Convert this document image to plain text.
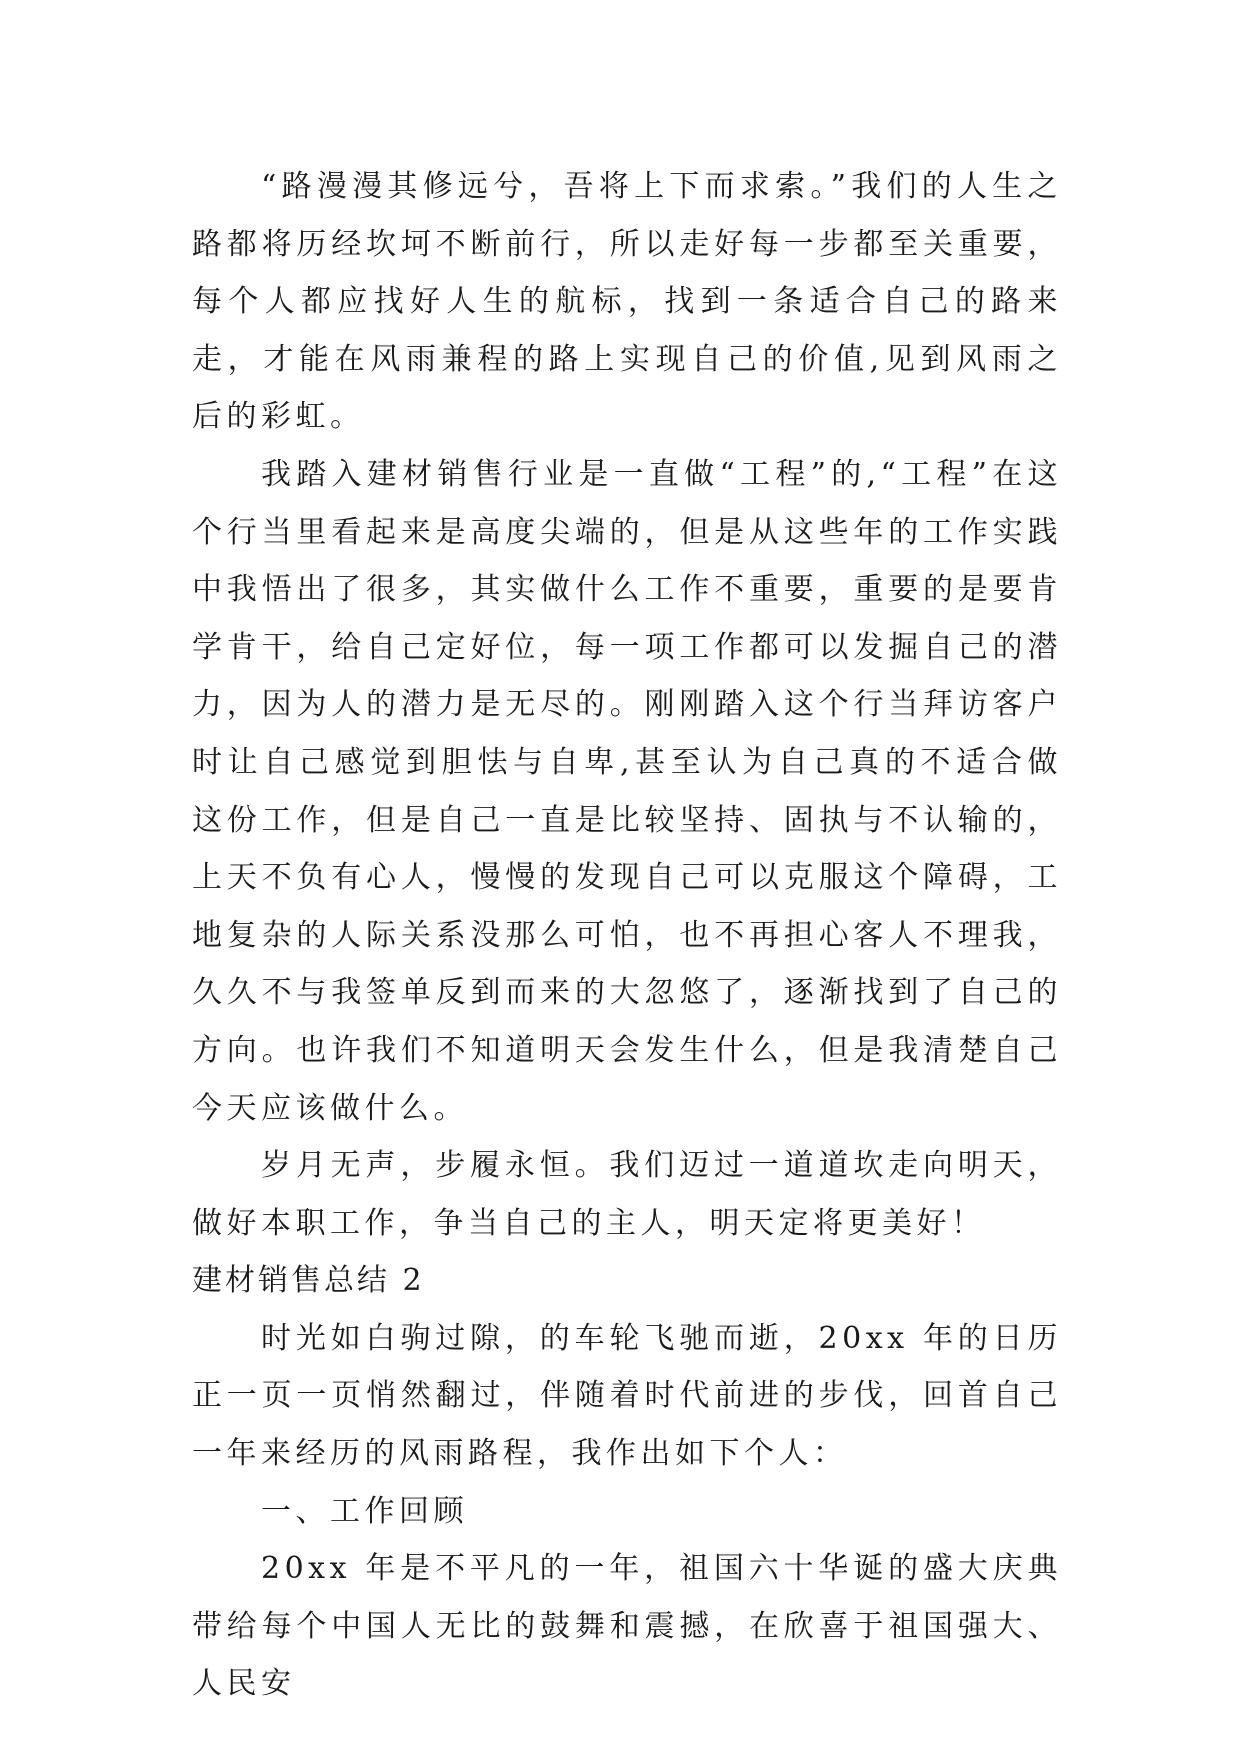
“路漫漫其修远兮，吾将上下而求索。”我们的人生之路都将历经坎坷不断前行，所以走好每一步都至关重要，每个人都应找好人生的航标，找到一条适合自己的路来走，才能在风雨兼程的路上实现自己的价值,见到风雨之后的彩虹。

我踏入建材销售行业是一直做“工程”的,“工程”在这个行当里看起来是高度尖端的，但是从这些年的工作实践中我悟出了很多，其实做什么工作不重要，重要的是要肯学肯干，给自己定好位，每一项工作都可以发掘自己的潜力，因为人的潜力是无尽的。刚刚踏入这个行当拜访客户时让自己感觉到胆怯与自卑,甚至认为自己真的不适合做这份工作，但是自己一直是比较坚持、固执与不认输的，上天不负有心人，慢慢的发现自己可以克服这个障碍，工地复杂的人际关系没那么可怕，也不再担心客人不理我，久久不与我签单反到而来的大忽悠了，逐渐找到了自己的方向。也许我们不知道明天会发生什么，但是我清楚自己今天应该做什么。

岁月无声，步履永恒。我们迈过一道道坎走向明天，做好本职工作，争当自己的主人，明天定将更美好！

建材销售总结 2

时光如白驹过隙，的车轮飞驰而逝，20xx 年的日历正一页一页悄然翻过，伴随着时代前进的步伐，回首自己一年来经历的风雨路程，我作出如下个人：

一、工作回顾

20xx 年是不平凡的一年，祖国六十华诞的盛大庆典带给每个中国人无比的鼓舞和震撼，在欣喜于祖国强大、人民安
